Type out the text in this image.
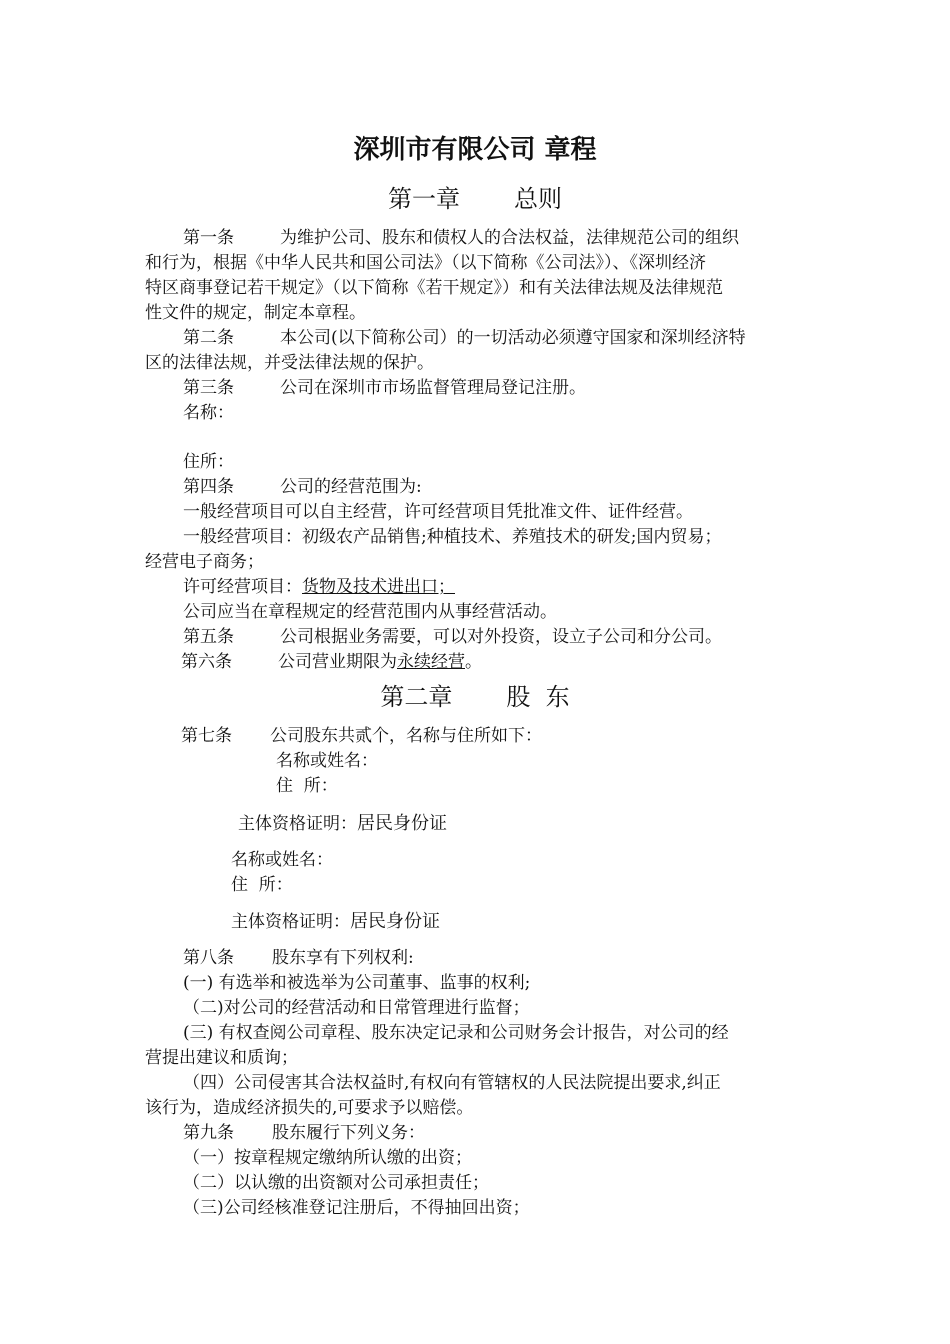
深圳市有限公司 章程
第一章 总则
第一条	为维护公司、股东和债权人的合法权益，法律规范公司的组织
和行为，根据《中华人民共和国公司法》（以下简称《公司法》）、《深圳经济
特区商事登记若干规定》（以下简称《若干规定》）和有关法律法规及法律规范
性文件的规定，制定本章程。
第二条	本公司(以下简称公司）的一切活动必须遵守国家和深圳经济特
区的法律法规，并受法律法规的保护。
第三条	公司在深圳市市场监督管理局登记注册。
名称：
住所：
第四条	公司的经营范围为:
一般经营项目可以自主经营，许可经营项目凭批准文件、证件经营。
一般经营项目：初级农产品销售;种植技术、养殖技术的研发;国内贸易；
经营电子商务；
许可经营项目：货物及技术进出口；
公司应当在章程规定的经营范围内从事经营活动。
第五条	公司根据业务需要，可以对外投资，设立子公司和分公司。
第六条	公司营业期限为永续经营。
第二章 股  东
第七条 公司股东共贰个，名称与住所如下：
名称或姓名：
住  所：
主体资格证明：居民身份证
名称或姓名：
住  所：
主体资格证明：居民身份证
第八条 股东享有下列权利:
(一) 有选举和被选举为公司董事、监事的权利;
（二)对公司的经营活动和日常管理进行监督；
(三) 有权查阅公司章程、股东决定记录和公司财务会计报告，对公司的经
营提出建议和质询；
（四）公司侵害其合法权益时,有权向有管辖权的人民法院提出要求,纠正
该行为，造成经济损失的,可要求予以赔偿。
第九条 股东履行下列义务：
（一）按章程规定缴纳所认缴的出资；
（二）以认缴的出资额对公司承担责任；
（三)公司经核准登记注册后，不得抽回出资；
